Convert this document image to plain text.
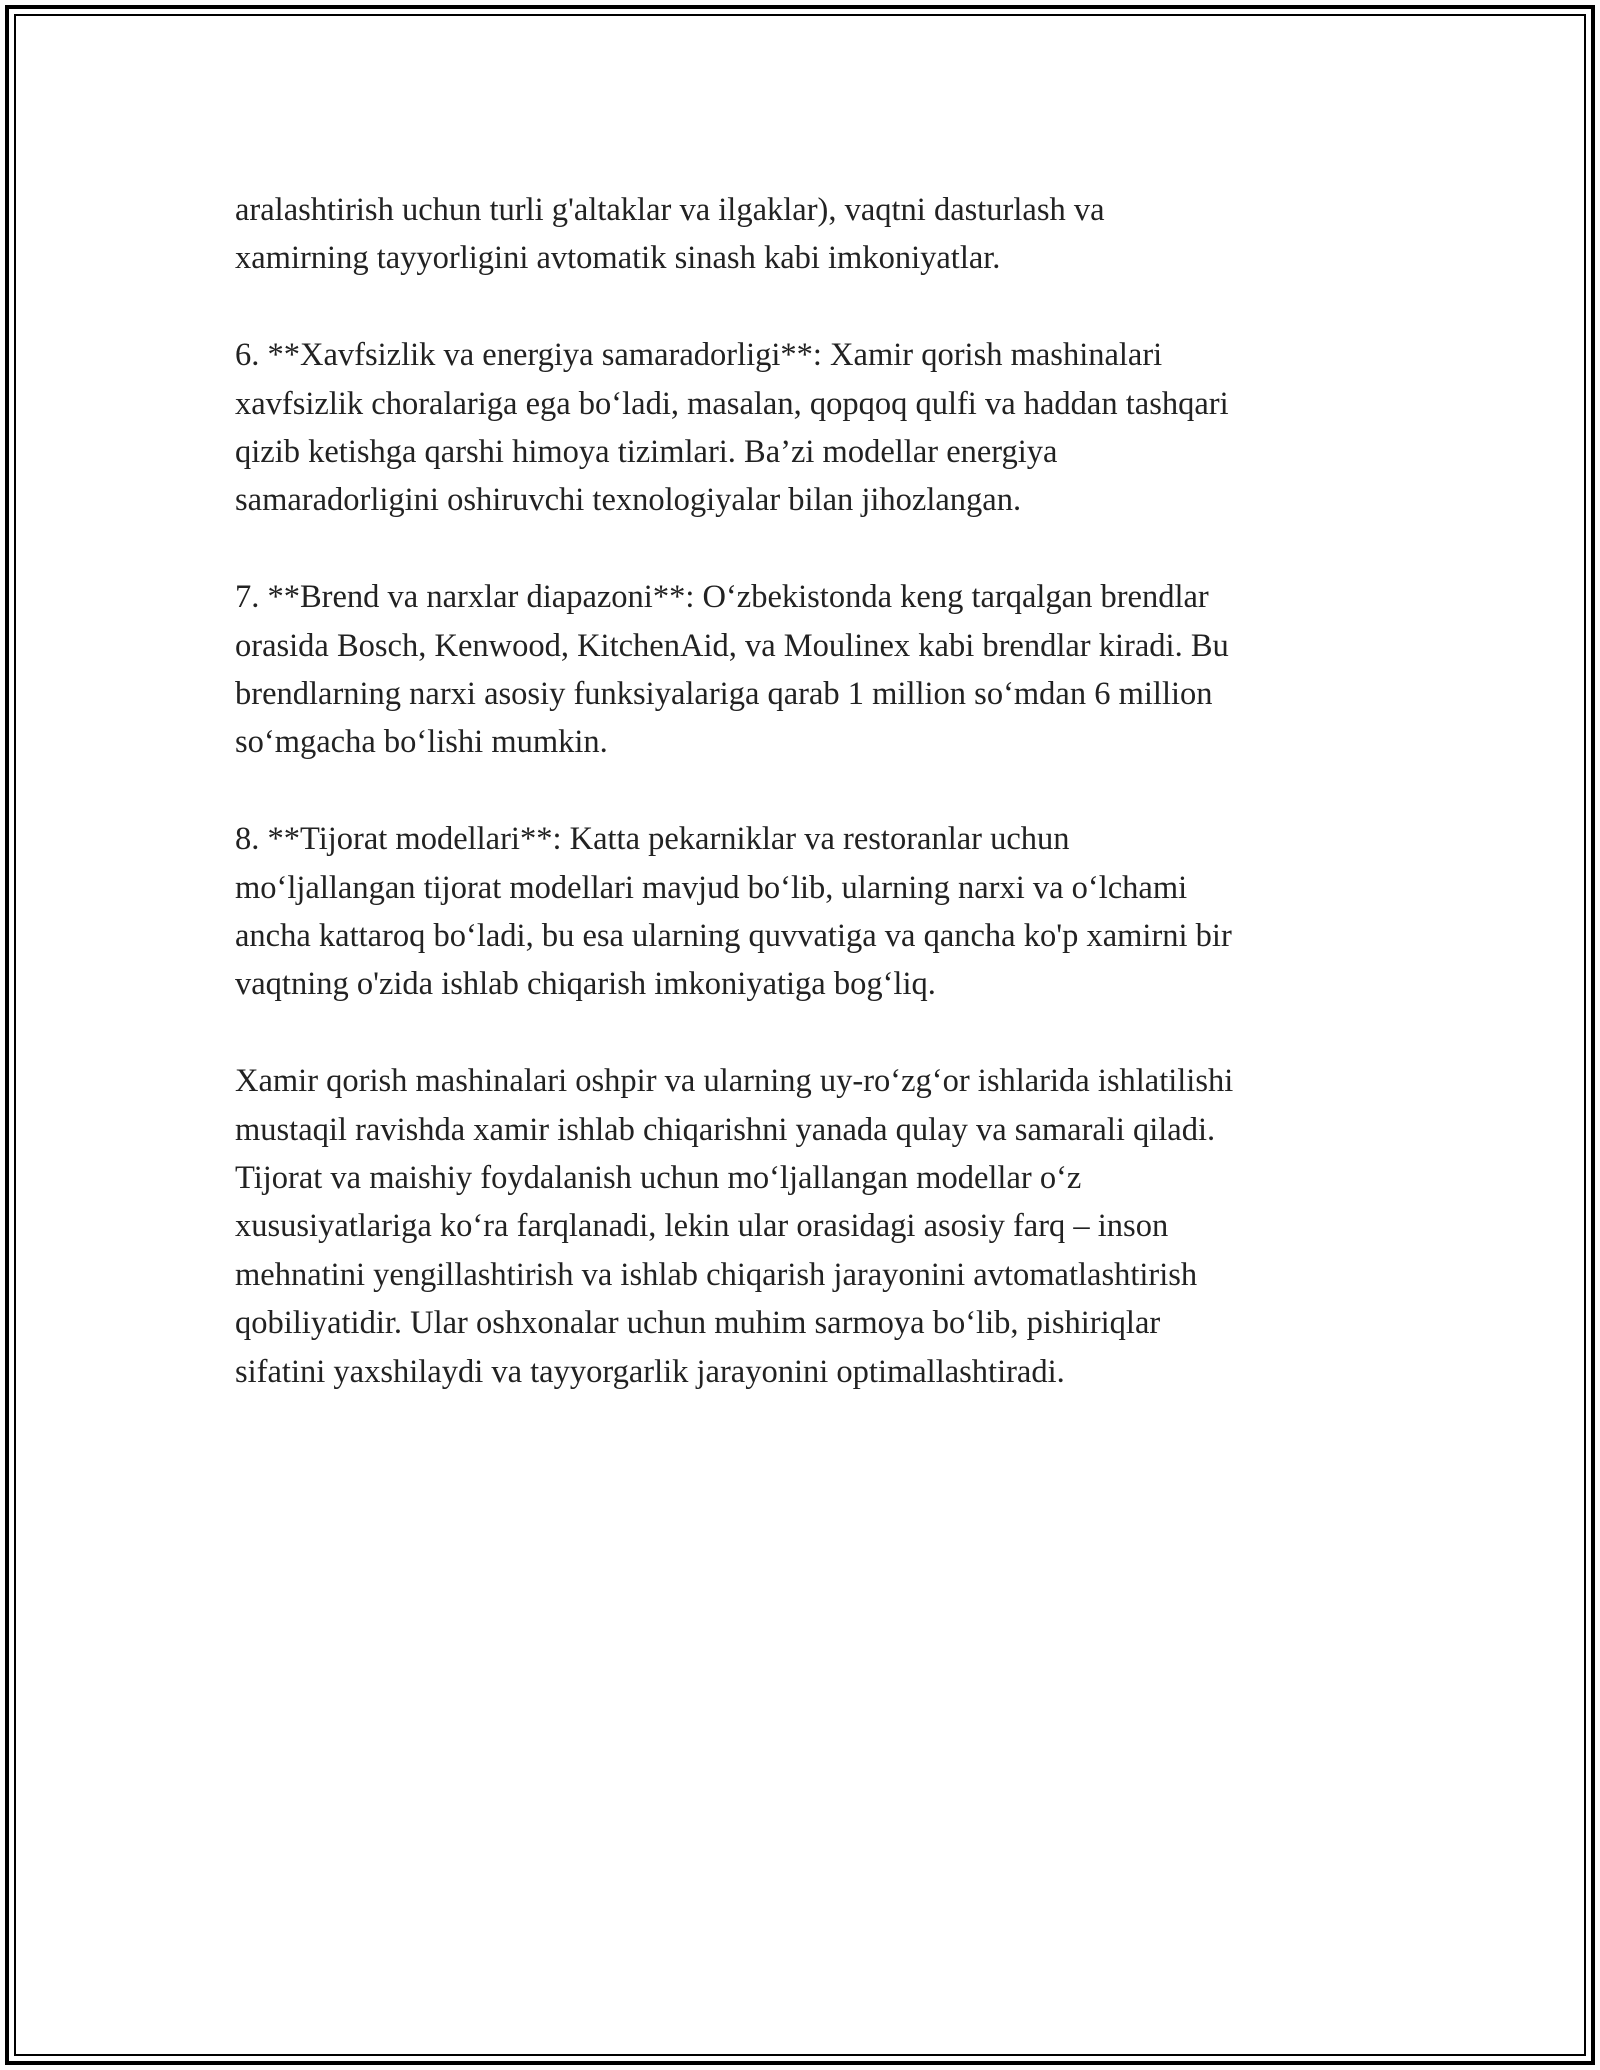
aralashtirish uchun turli g'altaklar va ilgaklar), vaqtni dasturlash va
xamirning tayyorligini avtomatik sinash kabi imkoniyatlar.

6. **Xavfsizlik va energiya samaradorligi**: Xamir qorish mashinalari
xavfsizlik choralariga ega bo‘ladi, masalan, qopqoq qulfi va haddan tashqari
qizib ketishga qarshi himoya tizimlari. Ba’zi modellar energiya
samaradorligini oshiruvchi texnologiyalar bilan jihozlangan.

7. **Brend va narxlar diapazoni**: O‘zbekistonda keng tarqalgan brendlar
orasida Bosch, Kenwood, KitchenAid, va Moulinex kabi brendlar kiradi. Bu
brendlarning narxi asosiy funksiyalariga qarab 1 million so‘mdan 6 million
so‘mgacha bo‘lishi mumkin.

8. **Tijorat modellari**: Katta pekarniklar va restoranlar uchun
mo‘ljallangan tijorat modellari mavjud bo‘lib, ularning narxi va o‘lchami
ancha kattaroq bo‘ladi, bu esa ularning quvvatiga va qancha ko'p xamirni bir
vaqtning o'zida ishlab chiqarish imkoniyatiga bog‘liq.

Xamir qorish mashinalari oshpir va ularning uy-ro‘zg‘or ishlarida ishlatilishi
mustaqil ravishda xamir ishlab chiqarishni yanada qulay va samarali qiladi.
Tijorat va maishiy foydalanish uchun mo‘ljallangan modellar o‘z
xususiyatlariga ko‘ra farqlanadi, lekin ular orasidagi asosiy farq – inson
mehnatini yengillashtirish va ishlab chiqarish jarayonini avtomatlashtirish
qobiliyatidir. Ular oshxonalar uchun muhim sarmoya bo‘lib, pishiriqlar
sifatini yaxshilaydi va tayyorgarlik jarayonini optimallashtiradi.
